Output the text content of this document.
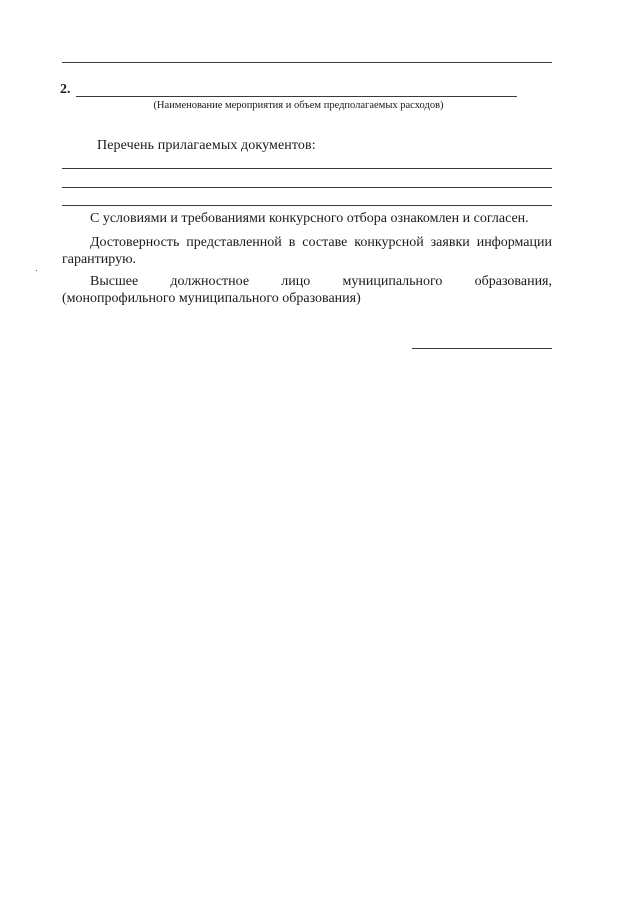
2.
(Наименование мероприятия и объем предполагаемых расходов)
Перечень прилагаемых документов:
С условиями и требованиями конкурсного отбора ознакомлен и согласен.
Достоверность представленной в составе конкурсной заявки информации гарантирую.
Высшее должностное лицо муниципального образования, (монопрофильного муниципального образования)
